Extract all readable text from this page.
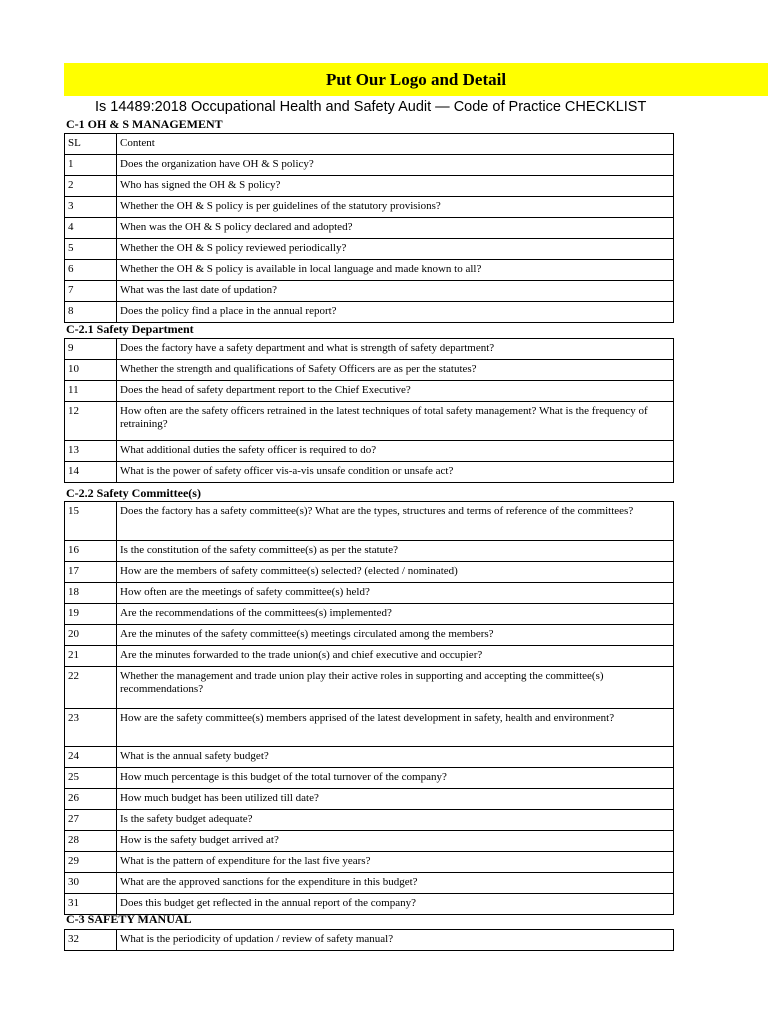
Put Our Logo and Detail
Is 14489:2018 Occupational Health and Safety Audit — Code of Practice CHECKLIST
C-1 OH & S MANAGEMENT
SL	Content
1	Does the organization have OH & S policy?
2	Who has signed the OH & S policy?
3	Whether the OH & S policy is per guidelines of the statutory provisions?
4	When was the OH & S policy declared and adopted?
5	Whether the OH & S policy reviewed periodically?
6	Whether the OH & S policy is available in local language and made known to all?
7	What was the last date of updation?
8	Does the policy find a place in the annual report?
C-2.1 Safety Department
9	Does the factory have a safety department and what is strength of safety department?
10	Whether the strength and qualifications of Safety Officers are as per the statutes?
11	Does the head of safety department report to the Chief Executive?
12	How often are the safety officers retrained in the latest techniques of total safety management? What is the frequency of retraining?
13	What additional duties the safety officer is required to do?
14	What is the power of safety officer vis-a-vis unsafe condition or unsafe act?
C-2.2 Safety Committee(s)
15	Does the factory has a safety committee(s)? What are the types, structures and terms of reference of the committees?
16	Is the constitution of the safety committee(s) as per the statute?
17	How are the members of safety committee(s) selected? (elected / nominated)
18	How often are the meetings of safety committee(s) held?
19	Are the recommendations of the committees(s) implemented?
20	Are the minutes of the safety committee(s) meetings circulated among the members?
21	Are the minutes forwarded to the trade union(s) and chief executive and occupier?
22	Whether the management and trade union play their active roles in supporting and accepting the committee(s) recommendations?
23	How are the safety committee(s) members apprised of the latest development in safety, health and environment?
24	What is the annual safety budget?
25	How much percentage is this budget of the total turnover of the company?
26	How much budget has been utilized till date?
27	Is the safety budget adequate?
28	How is the safety budget arrived at?
29	What is the pattern of expenditure for the last five years?
30	What are the approved sanctions for the expenditure in this budget?
31	Does this budget get reflected in the annual report of the company?
C-3 SAFETY MANUAL
32	What is the periodicity of updation / review of safety manual?
